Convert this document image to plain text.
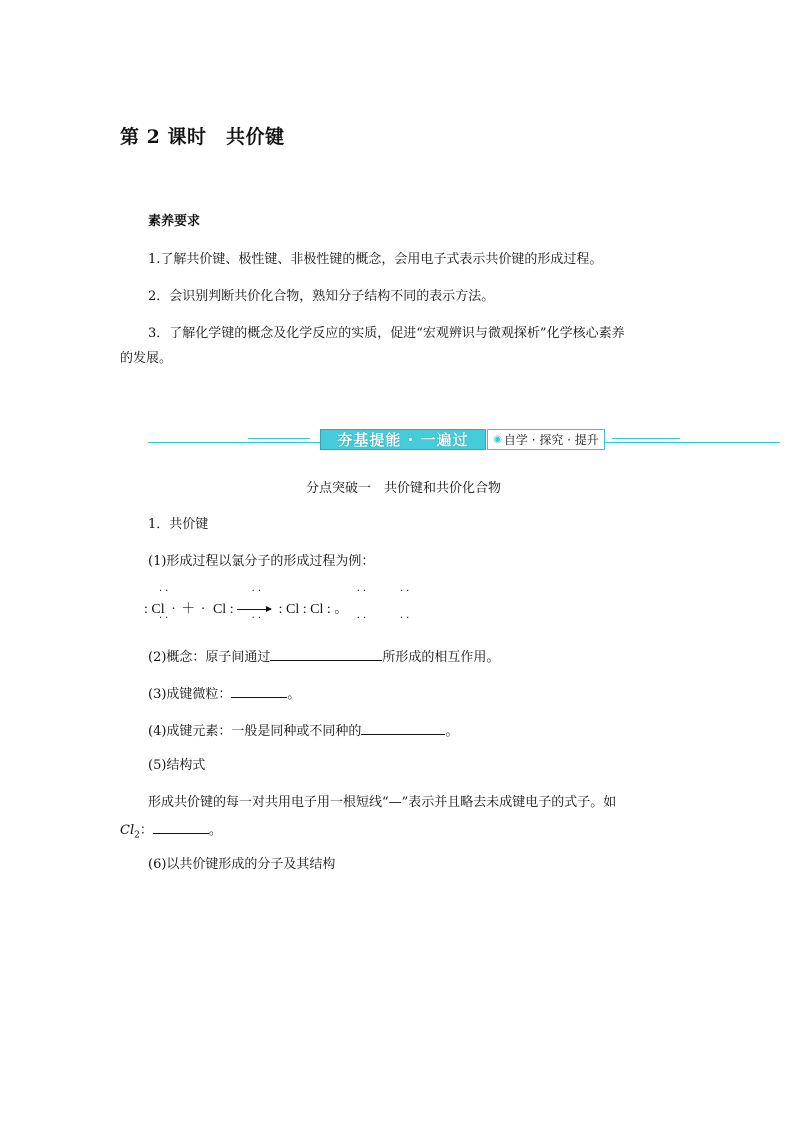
第 2 课时　共价键
素养要求
1.了解共价键、极性键、非极性键的概念，会用电子式表示共价键的形成过程。
2．会识别判断共价化合物，熟知分子结构不同的表示方法。
3．了解化学键的概念及化学反应的实质，促进“宏观辨识与微观探析”化学核心素养
的发展。
夯基提能 · 一遍过	◉ 自学 · 探究 · 提升
分点突破一　共价键和共价化合物
1．共价键
(1)形成过程以氯分子的形成过程为例：
: Cl · ＋ · Cl :	: Cl : Cl : 。
··             ··               ··     ··
··             ··               ··     ··
(2)概念：原子间通过	所形成的相互作用。
(3)成键微粒：	。
(4)成键元素：一般是同种或不同种的	。
(5)结构式
形成共价键的每一对共用电子用一根短线“—”表示并且略去未成键电子的式子。如
$Cl_2$：	。
(6)以共价键形成的分子及其结构
